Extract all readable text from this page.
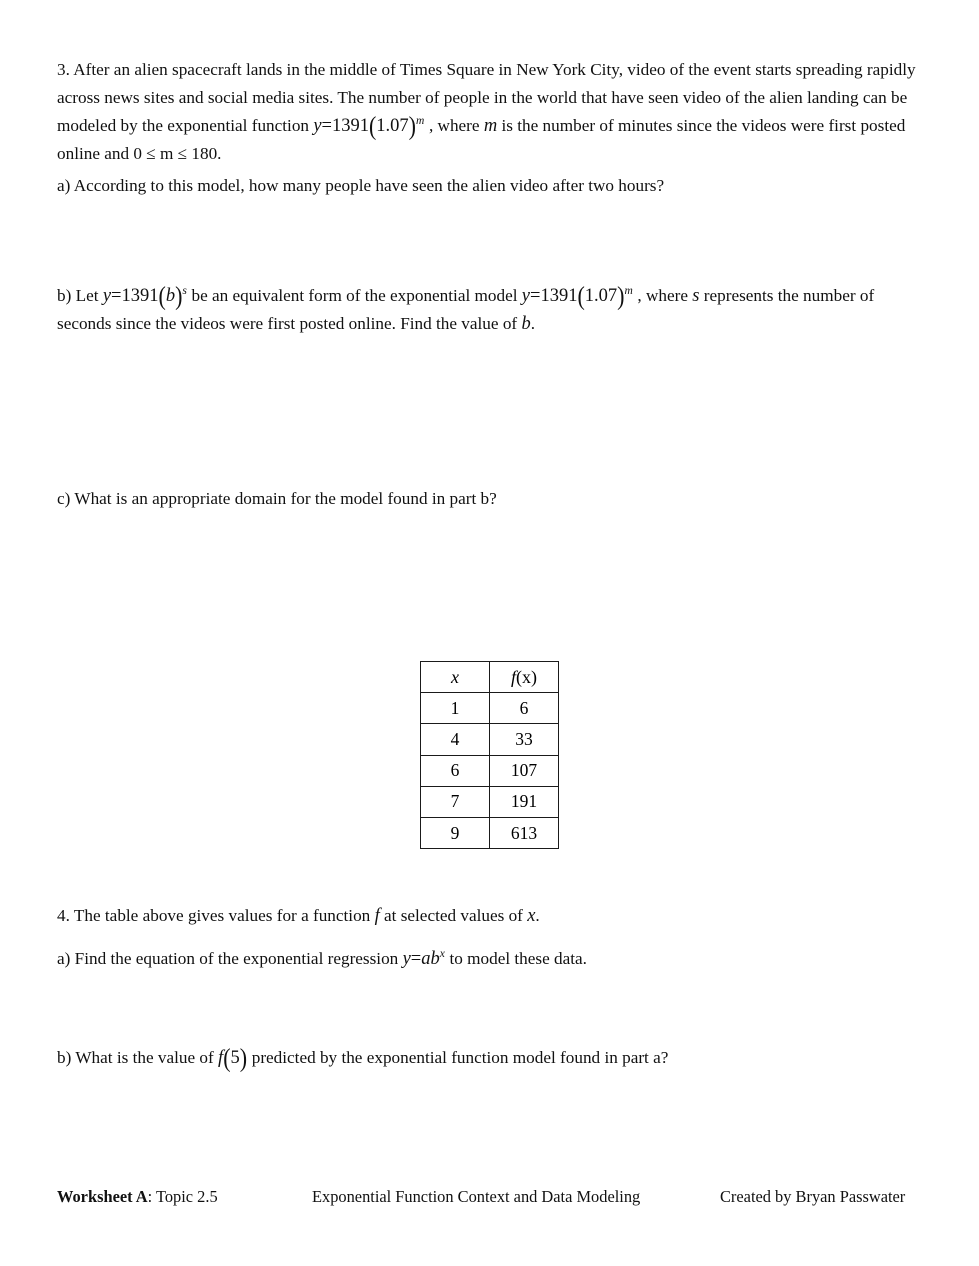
3. After an alien spacecraft lands in the middle of Times Square in New York City, video of the event starts spreading rapidly across news sites and social media sites. The number of people in the world that have seen video of the alien landing can be modeled by the exponential function $y=1391(1.07)^m$ , where m is the number of minutes since the videos were first posted online and 0 ≤ m ≤ 180.
a) According to this model, how many people have seen the alien video after two hours?
b) Let $y=1391(b)^s$ be an equivalent form of the exponential model $y=1391(1.07)^m$ , where s represents the number of seconds since the videos were first posted online. Find the value of b.
c) What is an appropriate domain for the model found in part b?
x	f(x)
1	6
4	33
6	107
7	191
9	613
4. The table above gives values for a function f at selected values of x.
a) Find the equation of the exponential regression $y=ab^x$ to model these data.
b) What is the value of f(5) predicted by the exponential function model found in part a?
Worksheet A: Topic 2.5	Exponential Function Context and Data Modeling	Created by Bryan Passwater
